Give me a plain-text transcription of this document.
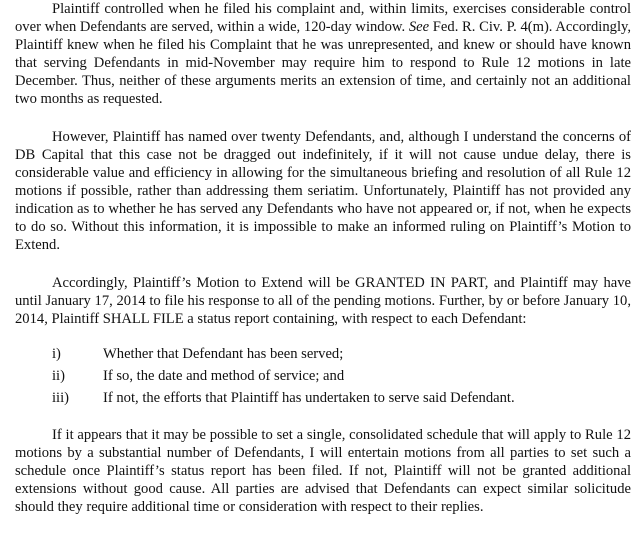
Plaintiff controlled when he filed his complaint and, within limits, exercises considerable control over when Defendants are served, within a wide, 120-day window. See Fed. R. Civ. P. 4(m). Accordingly, Plaintiff knew when he filed his Complaint that he was unrepresented, and knew or should have known that serving Defendants in mid-November may require him to respond to Rule 12 motions in late December. Thus, neither of these arguments merits an extension of time, and certainly not an additional two months as requested.

However, Plaintiff has named over twenty Defendants, and, although I understand the concerns of DB Capital that this case not be dragged out indefinitely, if it will not cause undue delay, there is considerable value and efficiency in allowing for the simultaneous briefing and resolution of all Rule 12 motions if possible, rather than addressing them seriatim. Unfortunately, Plaintiff has not provided any indication as to whether he has served any Defendants who have not appeared or, if not, when he expects to do so. Without this information, it is impossible to make an informed ruling on Plaintiff’s Motion to Extend.

Accordingly, Plaintiff’s Motion to Extend will be GRANTED IN PART, and Plaintiff may have until January 17, 2014 to file his response to all of the pending motions. Further, by or before January 10, 2014, Plaintiff SHALL FILE a status report containing, with respect to each Defendant:

i)	Whether that Defendant has been served;
ii)	If so, the date and method of service; and
iii)	If not, the efforts that Plaintiff has undertaken to serve said Defendant.

If it appears that it may be possible to set a single, consolidated schedule that will apply to Rule 12 motions by a substantial number of Defendants, I will entertain motions from all parties to set such a schedule once Plaintiff’s status report has been filed. If not, Plaintiff will not be granted additional extensions without good cause. All parties are advised that Defendants can expect similar solicitude should they require additional time or consideration with respect to their replies.
